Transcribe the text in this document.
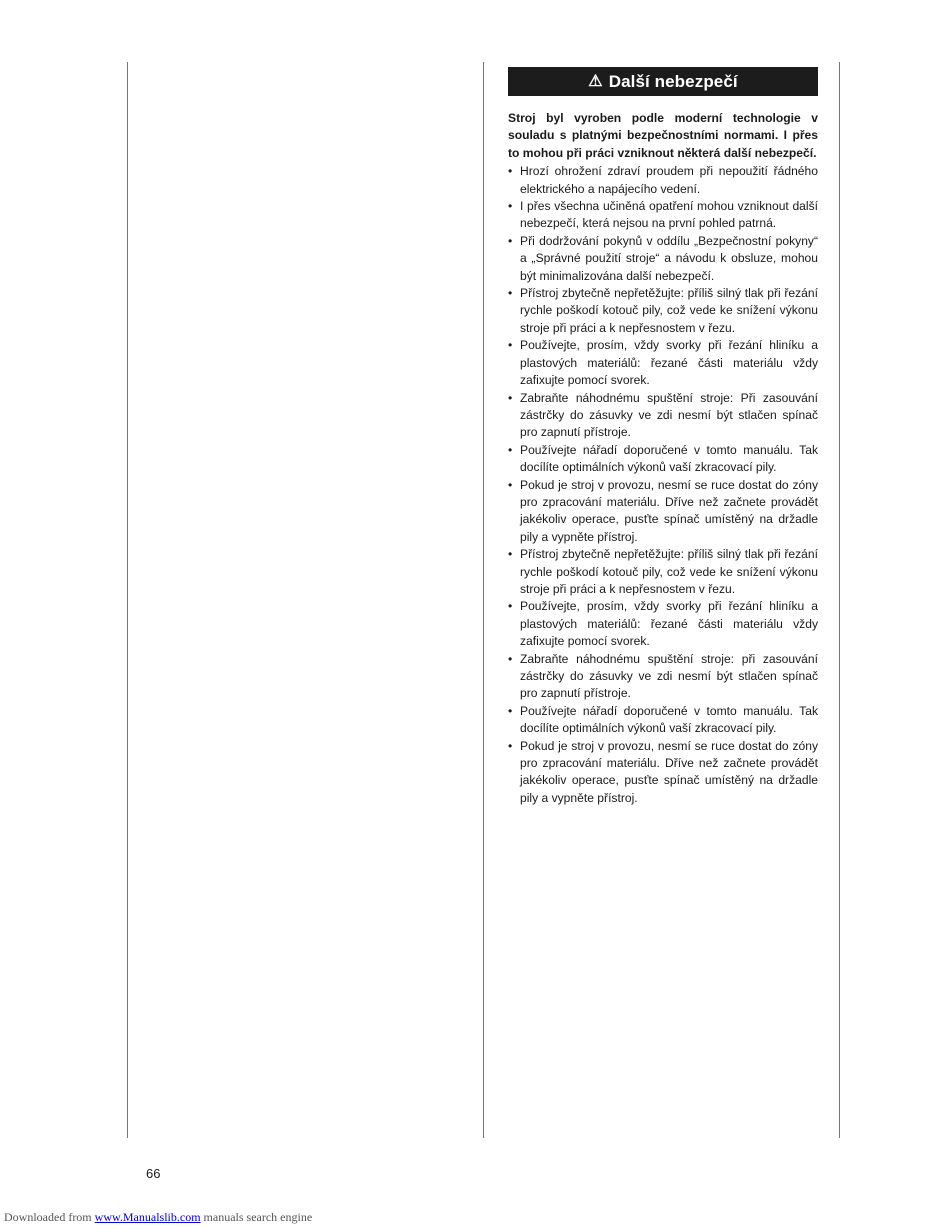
⚠ Další nebezpečí

Stroj byl vyroben podle moderní technologie v souladu s platnými bezpečnostními normami. I přes to mohou při práci vzniknout některá další nebezpečí.

• Hrozí ohrožení zdraví proudem při nepoužití řádného elektrického a napájecího vedení.
• I přes všechna učiněná opatření mohou vzniknout další nebezpečí, která nejsou na první pohled patrná.
• Při dodržování pokynů v oddílu „Bezpečnostní pokyny“ a „Správné použití stroje“ a návodu k obsluze, mohou být minimalizována další nebezpečí.
• Přístroj zbytečně nepřetěžujte: příliš silný tlak při řezání rychle poškodí kotouč pily, což vede ke snížení výkonu stroje při práci a k nepřesnostem v řezu.
• Používejte, prosím, vždy svorky při řezání hliníku a plastových materiálů: řezané části materiálu vždy zafixujte pomocí svorek.
• Zabraňte náhodnému spuštění stroje: Při zasouvání zástrčky do zásuvky ve zdi nesmí být stlačen spínač pro zapnutí přístroje.
• Používejte nářadí doporučené v tomto manuálu. Tak docílíte optimálních výkonů vaší zkracovací pily.
• Pokud je stroj v provozu, nesmí se ruce dostat do zóny pro zpracování materiálu. Dříve než začnete provádět jakékoliv operace, pusťte spínač umístěný na držadle pily a vypněte přístroj.
• Přístroj zbytečně nepřetěžujte: příliš silný tlak při řezání rychle poškodí kotouč pily, což vede ke snížení výkonu stroje při práci a k nepřesnostem v řezu.
• Používejte, prosím, vždy svorky při řezání hliníku a plastových materiálů: řezané části materiálu vždy zafixujte pomocí svorek.
• Zabraňte náhodnému spuštění stroje: při zasouvání zástrčky do zásuvky ve zdi nesmí být stlačen spínač pro zapnutí přístroje.
• Používejte nářadí doporučené v tomto manuálu. Tak docílíte optimálních výkonů vaší zkracovací pily.
• Pokud je stroj v provozu, nesmí se ruce dostat do zóny pro zpracování materiálu. Dříve než začnete provádět jakékoliv operace, pusťte spínač umístěný na držadle pily a vypněte přístroj.
66
Downloaded from www.Manualslib.com manuals search engine
